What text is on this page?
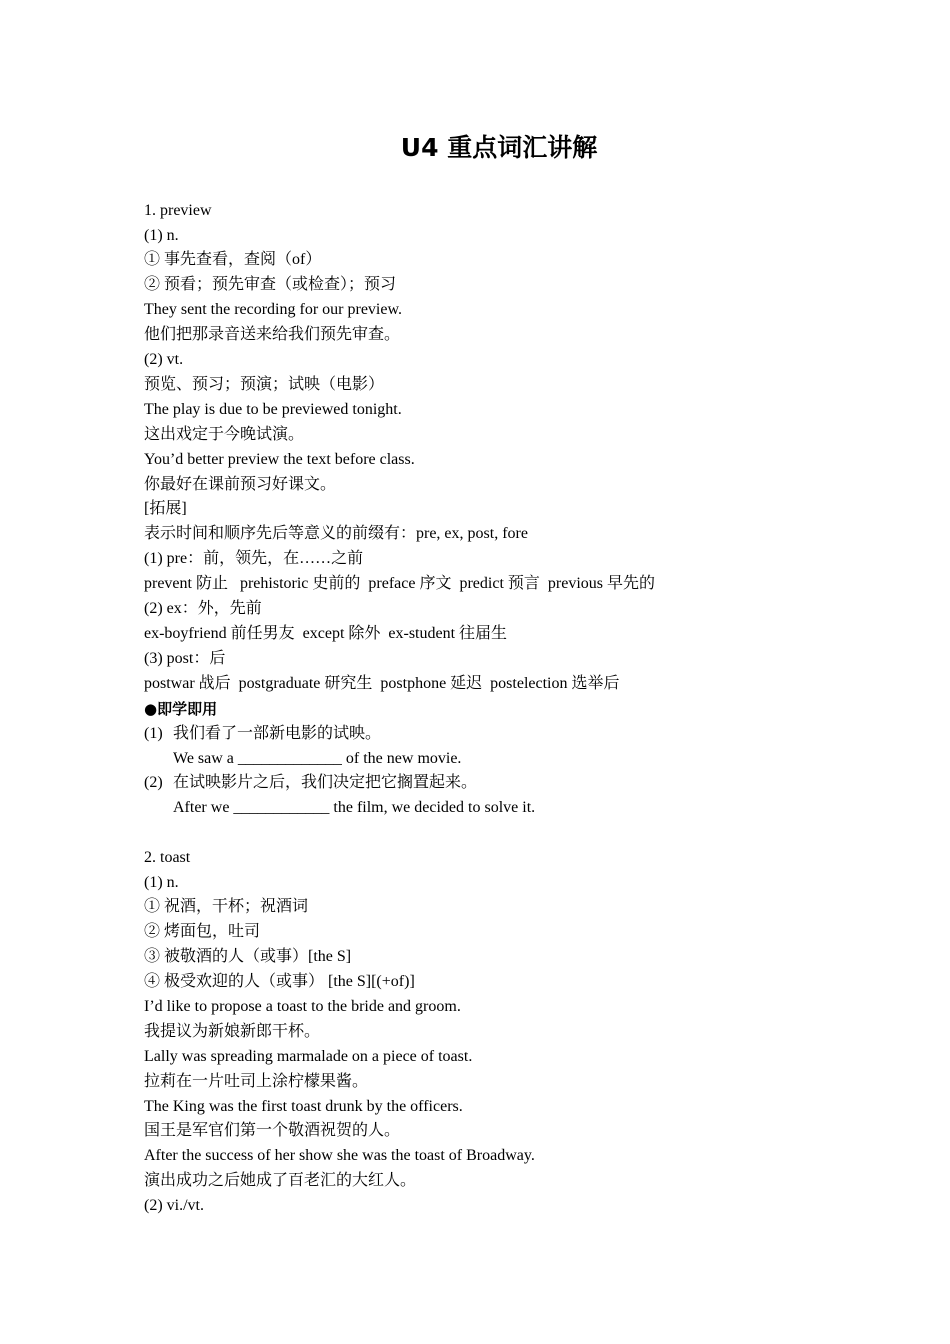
U4 重点词汇讲解
1. preview
(1) n.
① 事先查看，查阅（of）
② 预看；预先审查（或检查）；预习
They sent the recording for our preview.
他们把那录音送来给我们预先审查。
(2) vt.
预览、预习；预演；试映（电影）
The play is due to be previewed tonight.
这出戏定于今晚试演。
You’d better preview the text before class.
你最好在课前预习好课文。
[拓展]
表示时间和顺序先后等意义的前缀有：pre, ex, post, fore
(1) pre：前，领先，在……之前
prevent 防止   prehistoric 史前的  preface 序文  predict 预言  previous 早先的
(2) ex：外，先前
ex-boyfriend 前任男友  except 除外  ex-student 往届生
(3) post：后
postwar 战后  postgraduate 研究生  postphone 延迟  postelection 选举后
●即学即用
(1) 我们看了一部新电影的试映。
We saw a _____________ of the new movie.
(2) 在试映影片之后，我们决定把它搁置起来。
After we ____________ the film, we decided to solve it.
2. toast
(1) n.
① 祝酒，干杯；祝酒词
② 烤面包，吐司
③ 被敬酒的人（或事）[the S]
④ 极受欢迎的人（或事） [the S][(+of)]
I’d like to propose a toast to the bride and groom.
我提议为新娘新郎干杯。
Lally was spreading marmalade on a piece of toast.
拉莉在一片吐司上涂柠檬果酱。
The King was the first toast drunk by the officers.
国王是军官们第一个敬酒祝贺的人。
After the success of her show she was the toast of Broadway.
演出成功之后她成了百老汇的大红人。
(2) vi./vt.
